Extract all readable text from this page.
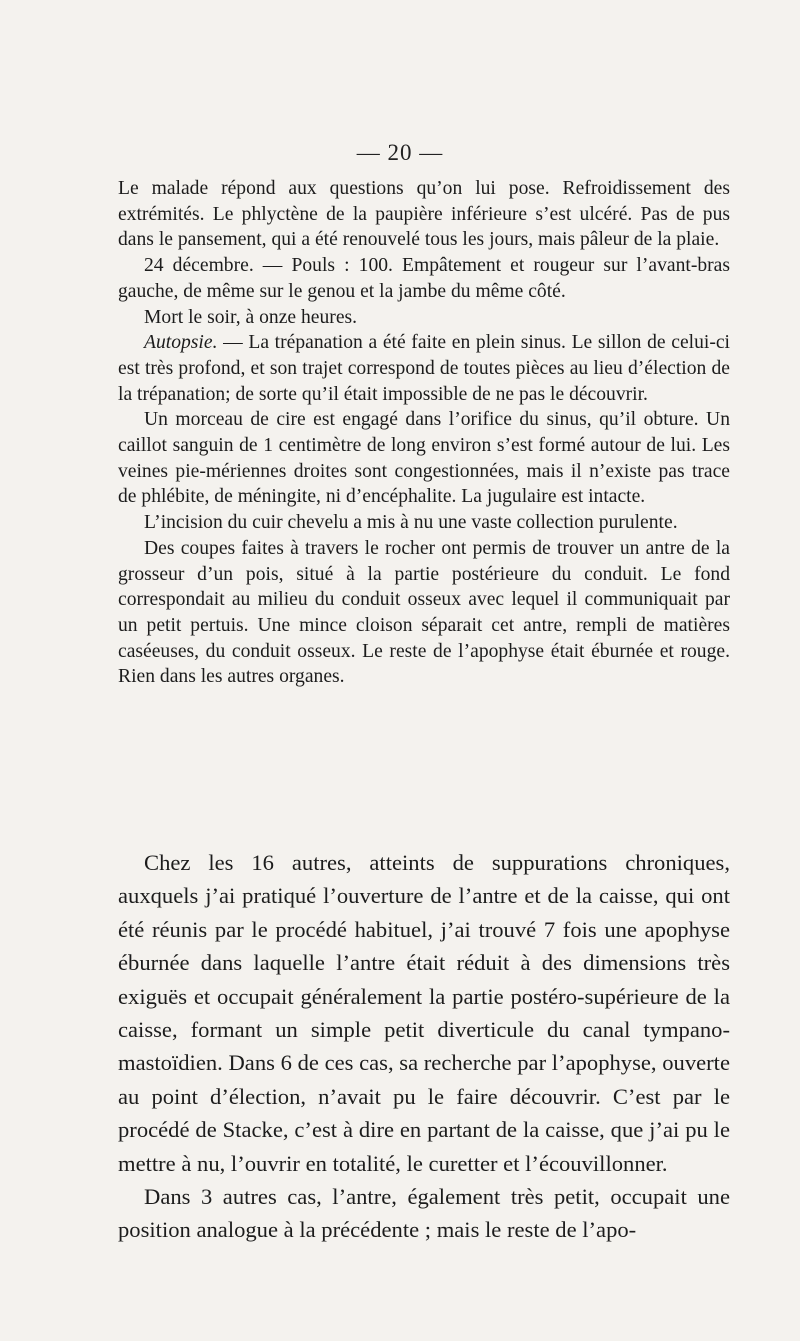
— 20 —

Le malade répond aux questions qu’on lui pose. Refroidissement des extrémités. Le phlyctène de la paupière inférieure s’est ulcéré. Pas de pus dans le pansement, qui a été renouvelé tous les jours, mais pâleur de la plaie.

24 décembre. — Pouls : 100. Empâtement et rougeur sur l’avant-bras gauche, de même sur le genou et la jambe du même côté.

Mort le soir, à onze heures.

Autopsie. — La trépanation a été faite en plein sinus. Le sillon de celui-ci est très profond, et son trajet correspond de toutes pièces au lieu d’élection de la trépanation; de sorte qu’il était impossible de ne pas le découvrir.

Un morceau de cire est engagé dans l’orifice du sinus, qu’il obture. Un caillot sanguin de 1 centimètre de long environ s’est formé autour de lui. Les veines pie-mériennes droites sont congestionnées, mais il n’existe pas trace de phlébite, de méningite, ni d’encéphalite. La jugulaire est intacte.

L’incision du cuir chevelu a mis à nu une vaste collection purulente.

Des coupes faites à travers le rocher ont permis de trouver un antre de la grosseur d’un pois, situé à la partie postérieure du conduit. Le fond correspondait au milieu du conduit osseux avec lequel il communiquait par un petit pertuis. Une mince cloison séparait cet antre, rempli de matières caséeuses, du conduit osseux. Le reste de l’apophyse était éburnée et rouge. Rien dans les autres organes.

Chez les 16 autres, atteints de suppurations chroniques, auxquels j’ai pratiqué l’ouverture de l’antre et de la caisse, qui ont été réunis par le procédé habituel, j’ai trouvé 7 fois une apophyse éburnée dans laquelle l’antre était réduit à des dimensions très exiguës et occupait généralement la partie postéro-supérieure de la caisse, formant un simple petit diverticule du canal tympano-mastoïdien. Dans 6 de ces cas, sa recherche par l’apophyse, ouverte au point d’élection, n’avait pu le faire découvrir. C’est par le procédé de Stacke, c’est à dire en partant de la caisse, que j’ai pu le mettre à nu, l’ouvrir en totalité, le curetter et l’écouvillonner.

Dans 3 autres cas, l’antre, également très petit, occupait une position analogue à la précédente ; mais le reste de l’apo-
